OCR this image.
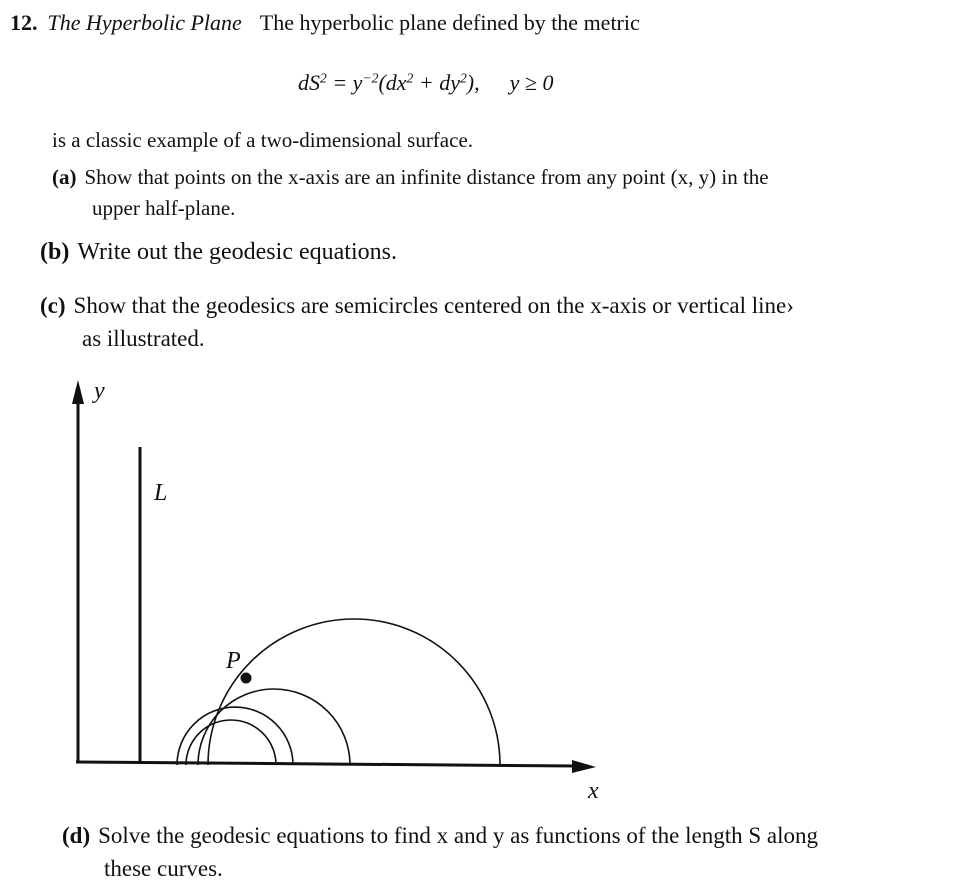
12. The Hyperbolic Plane The hyperbolic plane defined by the metric
$dS^2 = y^{-2}(dx^2 + dy^2)$, y ≥ 0
is a classic example of a two-dimensional surface.
(a) Show that points on the x-axis are an infinite distance from any point (x, y) in the
upper half-plane.
(b) Write out the geodesic equations.
(c) Show that the geodesics are semicircles centered on the x-axis or vertical line›
as illustrated.
y
x
L
P
(d) Solve the geodesic equations to find x and y as functions of the length S along
these curves.
